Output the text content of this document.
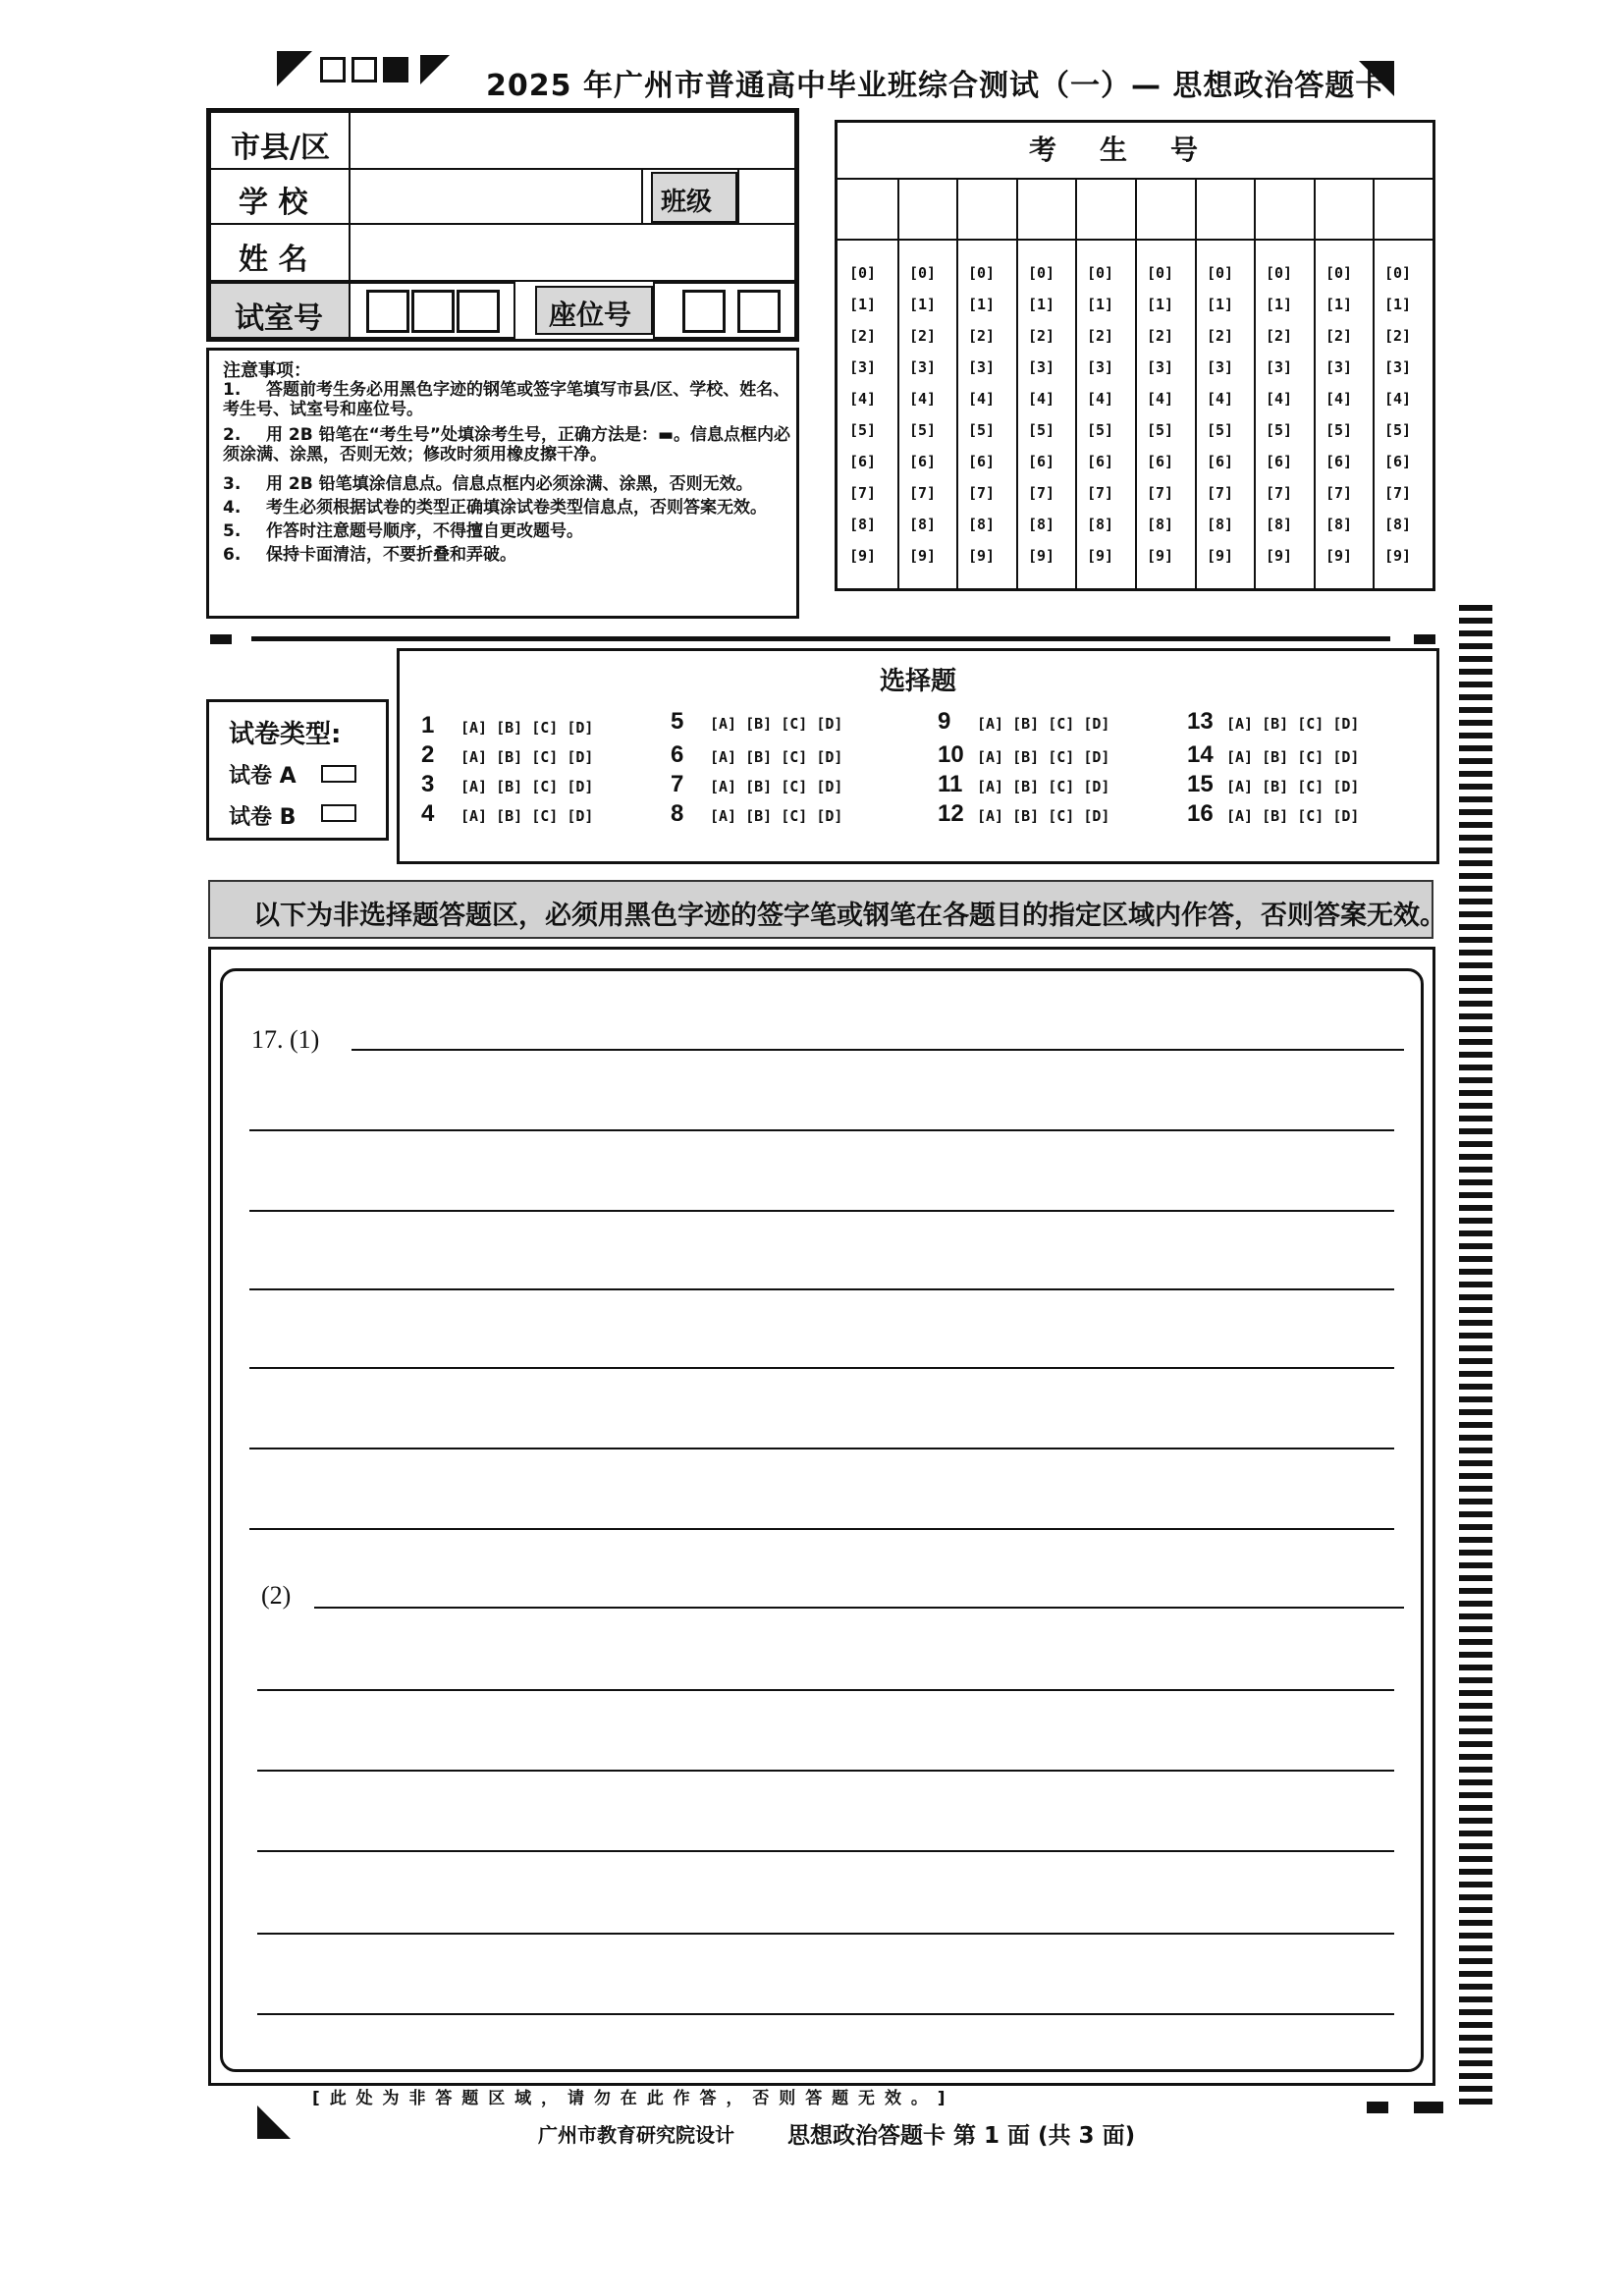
2025 年广州市普通高中毕业班综合测试（一）— 思想政治答题卡
市县/区
学 校	班级
姓 名
试室号	座位号
注意事项：
1. 答题前考生务必用黑色字迹的钢笔或签字笔填写市县/区、学校、姓名、考生号、试室号和座位号。
2. 用 2B 铅笔在“考生号”处填涂考生号，正确方法是：▬。信息点框内必须涂满、涂黑，否则无效；修改时须用橡皮擦干净。
3. 用 2B 铅笔填涂信息点。信息点框内必须涂满、涂黑，否则无效。
4. 考生必须根据试卷的类型正确填涂试卷类型信息点，否则答案无效。
5. 作答时注意题号顺序，不得擅自更改题号。
6. 保持卡面清洁，不要折叠和弄破。
考生号
[0]
[1]
[2]
[3]
[4]
[5]
[6]
[7]
[8]
[9]
[0]
[1]
[2]
[3]
[4]
[5]
[6]
[7]
[8]
[9]
[0]
[1]
[2]
[3]
[4]
[5]
[6]
[7]
[8]
[9]
[0]
[1]
[2]
[3]
[4]
[5]
[6]
[7]
[8]
[9]
[0]
[1]
[2]
[3]
[4]
[5]
[6]
[7]
[8]
[9]
[0]
[1]
[2]
[3]
[4]
[5]
[6]
[7]
[8]
[9]
[0]
[1]
[2]
[3]
[4]
[5]
[6]
[7]
[8]
[9]
[0]
[1]
[2]
[3]
[4]
[5]
[6]
[7]
[8]
[9]
[0]
[1]
[2]
[3]
[4]
[5]
[6]
[7]
[8]
[9]
[0]
[1]
[2]
[3]
[4]
[5]
[6]
[7]
[8]
[9]
试卷类型:
试卷 A
试卷 B
选择题
1 [A] [B] [C] [D]
2 [A] [B] [C] [D]
3 [A] [B] [C] [D]
4 [A] [B] [C] [D]
5 [A] [B] [C] [D]
6 [A] [B] [C] [D]
7 [A] [B] [C] [D]
8 [A] [B] [C] [D]
9 [A] [B] [C] [D]
10 [A] [B] [C] [D]
11 [A] [B] [C] [D]
12 [A] [B] [C] [D]
13 [A] [B] [C] [D]
14 [A] [B] [C] [D]
15 [A] [B] [C] [D]
16 [A] [B] [C] [D]
以下为非选择题答题区，必须用黑色字迹的签字笔或钢笔在各题目的指定区域内作答，否则答案无效。
17. (1)
(2)
[ 此 处 为 非 答 题 区 域 ， 请 勿 在 此 作 答 ， 否 则 答 题 无 效 。 ]
广州市教育研究院设计 思想政治答题卡 第 1 面 (共 3 面)
